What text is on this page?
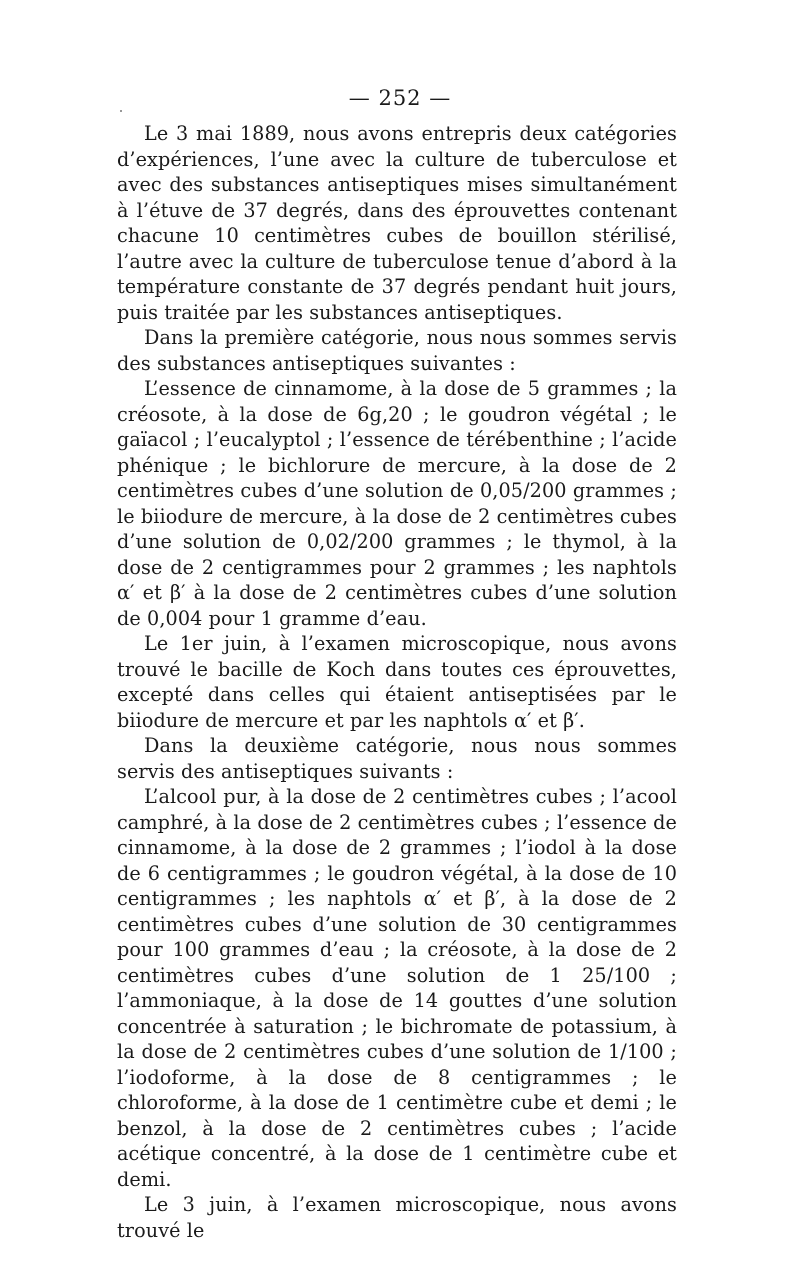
— 252 —

Le 3 mai 1889, nous avons entrepris deux catégories d’expériences, l’une avec la culture de tuberculose et avec des substances antiseptiques mises simultanément à l’étuve de 37 degrés, dans des éprouvettes contenant chacune 10 centimètres cubes de bouillon stérilisé, l’autre avec la culture de tuberculose tenue d’abord à la température constante de 37 degrés pendant huit jours, puis traitée par les substances antiseptiques.

Dans la première catégorie, nous nous sommes servis des substances antiseptiques suivantes :

L’essence de cinnamome, à la dose de 5 grammes ; la créosote, à la dose de 6g,20 ; le goudron végétal ; le gaïacol ; l’eucalyptol ; l’essence de térébenthine ; l’acide phénique ; le bichlorure de mercure, à la dose de 2 centimètres cubes d’une solution de 0,05/200 grammes ; le biiodure de mercure, à la dose de 2 centimètres cubes d’une solution de 0,02/200 grammes ; le thymol, à la dose de 2 centigrammes pour 2 grammes ; les naphtols α′ et β′ à la dose de 2 centimètres cubes d’une solution de 0,004 pour 1 gramme d’eau.

Le 1er juin, à l’examen microscopique, nous avons trouvé le bacille de Koch dans toutes ces éprouvettes, excepté dans celles qui étaient antiseptisées par le biiodure de mercure et par les naphtols α′ et β′.

Dans la deuxième catégorie, nous nous sommes servis des antiseptiques suivants :

L’alcool pur, à la dose de 2 centimètres cubes ; l’acool camphré, à la dose de 2 centimètres cubes ; l’essence de cinnamome, à la dose de 2 grammes ; l’iodol à la dose de 6 centigrammes ; le goudron végétal, à la dose de 10 centigrammes ; les naphtols α′ et β′, à la dose de 2 centimètres cubes d’une solution de 30 centigrammes pour 100 grammes d’eau ; la créosote, à la dose de 2 centimètres cubes d’une solution de 1 25/100 ; l’ammoniaque, à la dose de 14 gouttes d’une solution concentrée à saturation ; le bichromate de potassium, à la dose de 2 centimètres cubes d’une solution de 1/100 ; l’iodoforme, à la dose de 8 centigrammes ; le chloroforme, à la dose de 1 centimètre cube et demi ; le benzol, à la dose de 2 centimètres cubes ; l’acide acétique concentré, à la dose de 1 centimètre cube et demi.

Le 3 juin, à l’examen microscopique, nous avons trouvé le
